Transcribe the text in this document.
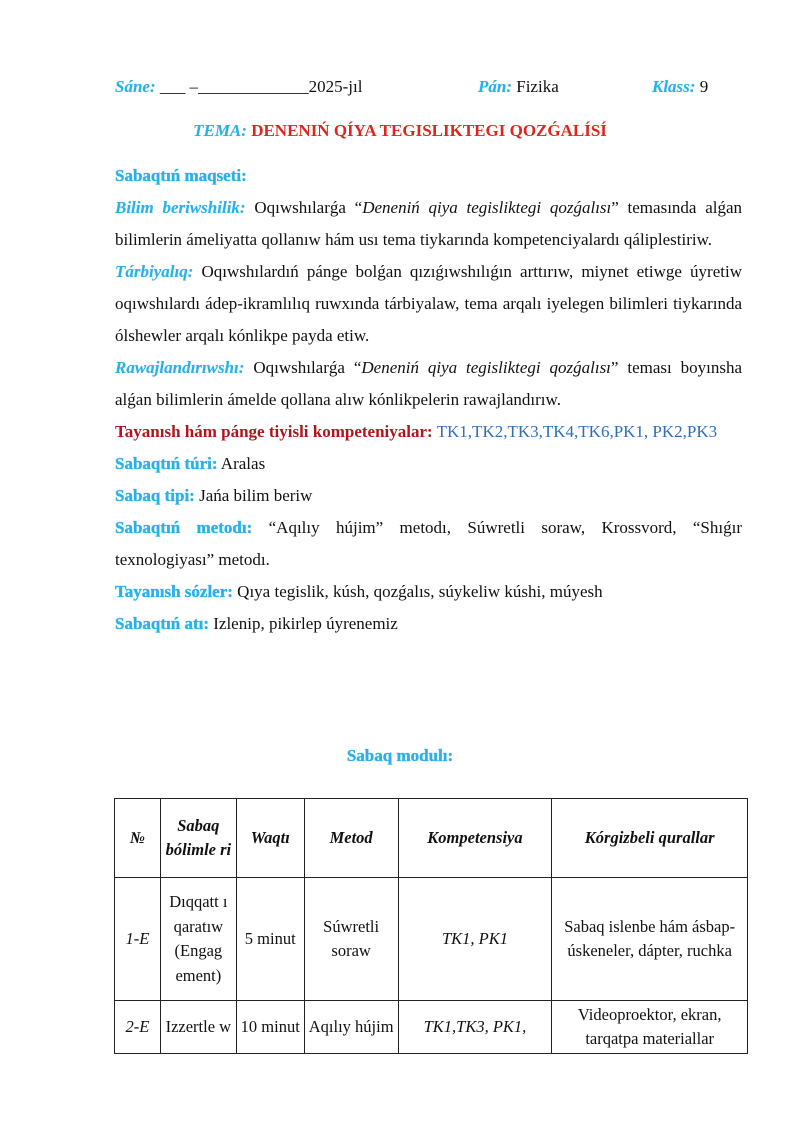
Sáne: ___ –_____________2025-jıl	Pán: Fizika	Klass: 9
TEMA: DENENIŃ QÍYA TEGISLIKTEGI QOZǴALÍSÍ

Sabaqtıń maqseti:

Bilim beriwshilik: Oqıwshılarǵa “Deneniń qiya tegisliktegi qozǵalısı” temasında alǵan bilimlerin ámeliyatta qollanıw hám usı tema tiykarında kompetenciyalardı qáliplestiriw.

Tárbiyalıq: Oqıwshılardıń pánge bolǵan qızıǵıwshılıǵın arttırıw, miynet etiwge úyretiw oqıwshılardı ádep-ikramlılıq ruwxında tárbiyalaw, tema arqalı iyelegen bilimleri tiykarında ólshewler arqalı kónlikpe payda etiw.

Rawajlandırıwshı: Oqıwshılarǵa “Deneniń qiya tegisliktegi qozǵalısı” teması boyınsha alǵan bilimlerin ámelde qollana alıw kónlikpelerin rawajlandırıw.

Tayanısh hám pánge tiyisli kompeteniyalar: TK1,TK2,TK3,TK4,TK6,PK1, PK2,PK3

Sabaqtıń túri: Aralas

Sabaq tipi: Jańa bilim beriw

Sabaqtıń metodı: “Aqılıy hújim” metodı, Súwretli soraw, Krossvord, “Shıǵır texnologiyası” metodı.

Tayanısh sózler: Qıya tegislik, kúsh, qozǵalıs, súykeliw kúshi, múyesh

Sabaqtıń atı: Izlenip, pikirlep úyrenemiz

Sabaq modulı:
№	Sabaq bólimle ri	Waqtı	Metod	Kompetensiya	Kórgizbeli qurallar
1-E	Dıqqatt ı qaratıw (Engag ement)	5 minut	Súwretli soraw	TK1, PK1	Sabaq islenbe hám ásbap-úskeneler, dápter, ruchka
2-E	Izzertle w	10 minut	Aqılıy hújim	TK1,TK3, PK1,	Videoproektor, ekran, tarqatpa materiallar
